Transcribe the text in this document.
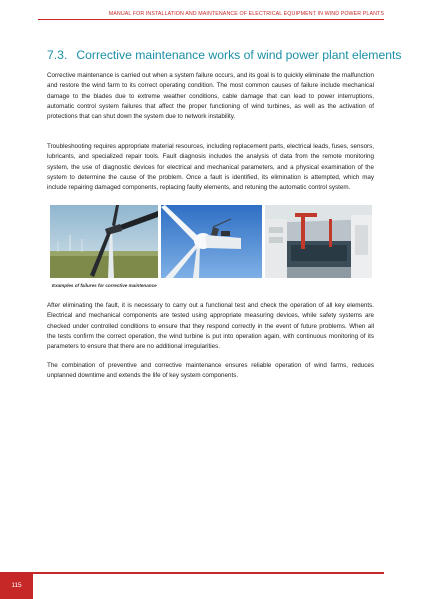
MANUAL FOR INSTALLATION AND MAINTENANCE OF ELECTRICAL EQUIPMENT IN WIND POWER PLANTS
7.3. Corrective maintenance works of wind power plant elements

Corrective maintenance is carried out when a system failure occurs, and its goal is to quickly eliminate the malfunction and restore the wind farm to its correct operating condition. The most common causes of failure include mechanical damage to the blades due to extreme weather conditions, cable damage that can lead to power interruptions, automatic control system failures that affect the proper functioning of wind turbines, as well as the activation of protections that can shut down the system due to network instability.

Troubleshooting requires appropriate material resources, including replacement parts, electrical leads, fuses, sensors, lubricants, and specialized repair tools. Fault diagnosis includes the analysis of data from the remote monitoring system, the use of diagnostic devices for electrical and mechanical parameters, and a physical examination of the system to determine the cause of the problem. Once a fault is identified, its elimination is attempted, which may include repairing damaged components, replacing faulty elements, and retuning the automatic control system.

Examples of failures for corrective maintenance

After eliminating the fault, it is necessary to carry out a functional test and check the operation of all key elements. Electrical and mechanical components are tested using appropriate measuring devices, while safety systems are checked under controlled conditions to ensure that they respond correctly in the event of future problems. When all the tests confirm the correct operation, the wind turbine is put into operation again, with continuous monitoring of its parameters to ensure that there are no additional irregularities.

The combination of preventive and corrective maintenance ensures reliable operation of wind farms, reduces unplanned downtime and extends the life of key system components.

115
